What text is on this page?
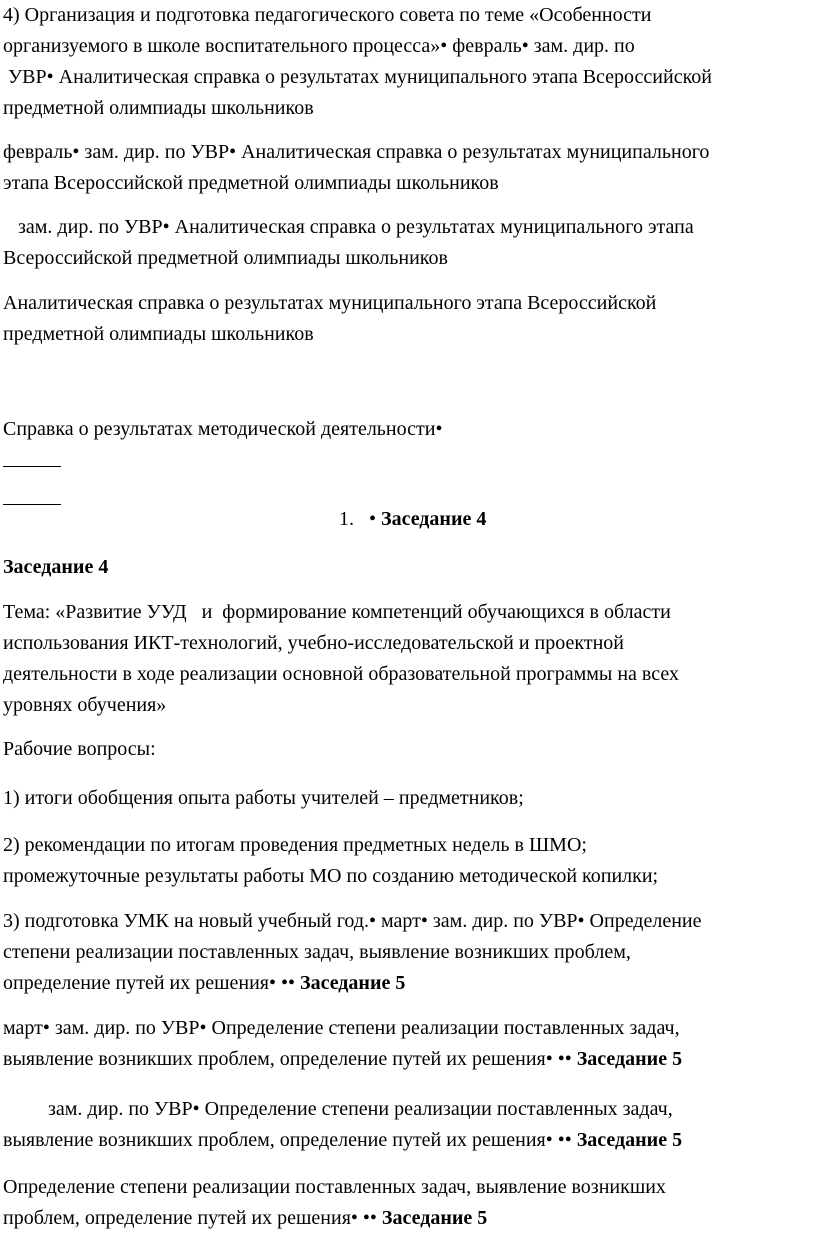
4) Организация и подготовка педагогического совета по теме «Особенности

организуемого в школе воспитательного процесса»• февраль• зам. дир. по

УВР• Аналитическая справка о результатах муниципального этапа Всероссийской

предметной олимпиады школьников

февраль• зам. дир. по УВР• Аналитическая справка о результатах муниципального

этапа Всероссийской предметной олимпиады школьников

зам. дир. по УВР• Аналитическая справка о результатах муниципального этапа

Всероссийской предметной олимпиады школьников

Аналитическая справка о результатах муниципального этапа Всероссийской

предметной олимпиады школьников

Справка о результатах методической деятельности•

1. • Заседание 4

Заседание 4

Тема: «Развитие УУД   и  формирование компетенций обучающихся в области

использования ИКТ-технологий, учебно-исследовательской и проектной

деятельности в ходе реализации основной образовательной программы на всех

уровнях обучения»

Рабочие вопросы:

1) итоги обобщения опыта работы учителей – предметников;

2) рекомендации по итогам проведения предметных недель в ШМО;

промежуточные результаты работы МО по созданию методической копилки;

3) подготовка УМК на новый учебный год.• март• зам. дир. по УВР• Определение

степени реализации поставленных задач, выявление возникших проблем,

определение путей их решения• •• Заседание 5

март• зам. дир. по УВР• Определение степени реализации поставленных задач,

выявление возникших проблем, определение путей их решения• •• Заседание 5

зам. дир. по УВР• Определение степени реализации поставленных задач,

выявление возникших проблем, определение путей их решения• •• Заседание 5

Определение степени реализации поставленных задач, выявление возникших

проблем, определение путей их решения• •• Заседание 5
